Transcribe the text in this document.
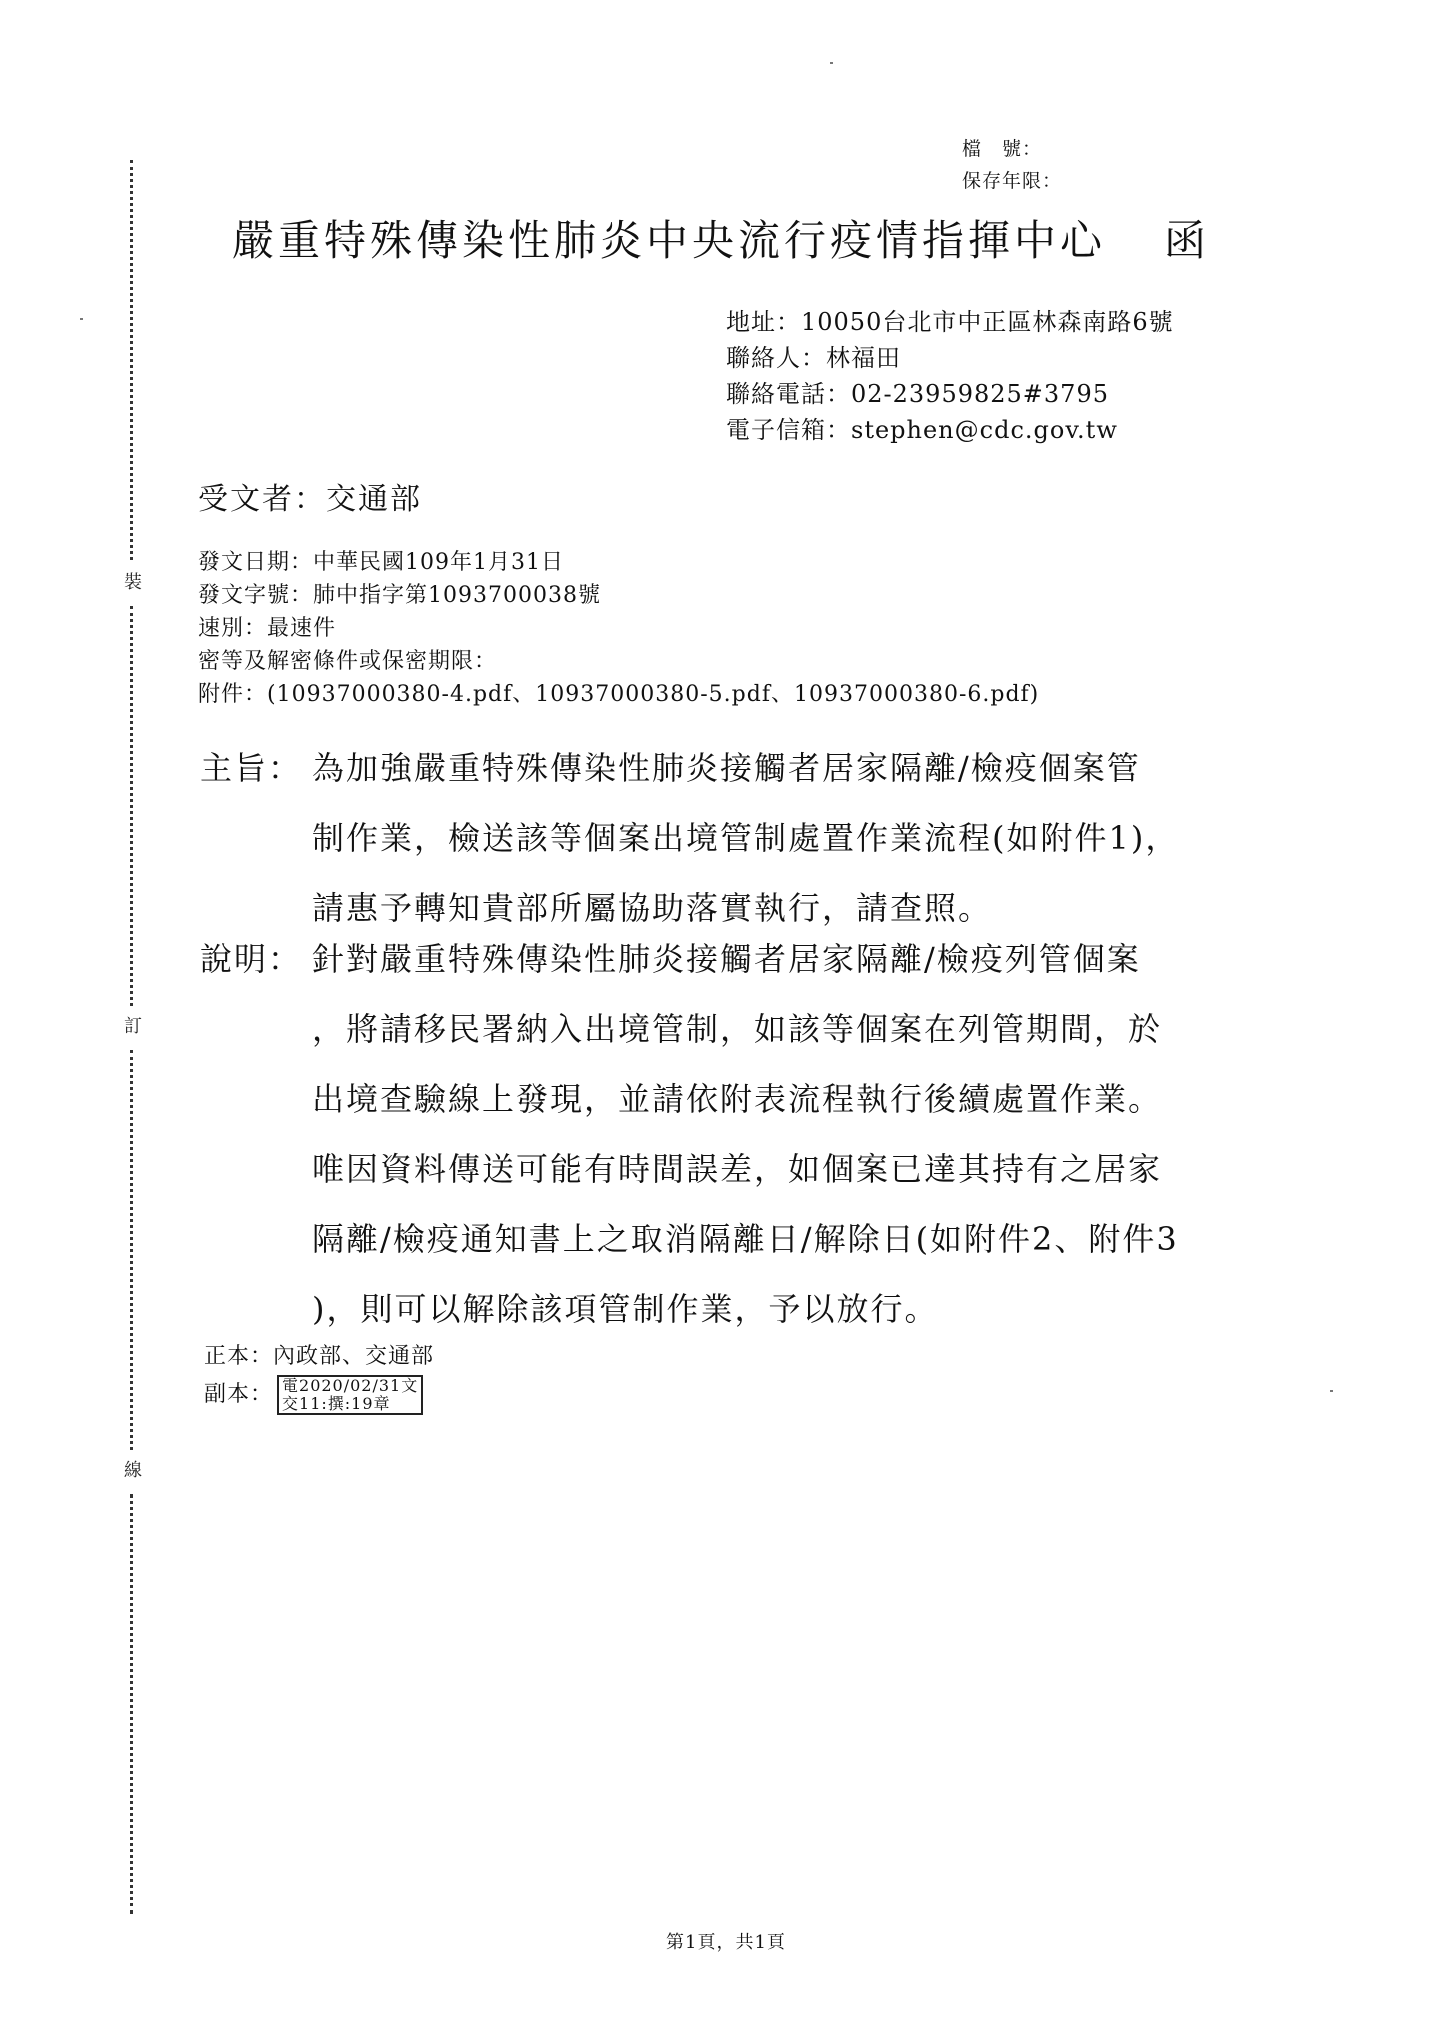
裝
訂
線
檔　號：
保存年限：
嚴重特殊傳染性肺炎中央流行疫情指揮中心 函
地址：10050台北市中正區林森南路6號
聯絡人：林福田
聯絡電話：02-23959825#3795
電子信箱：stephen@cdc.gov.tw
受文者：交通部
發文日期：中華民國109年1月31日
發文字號：肺中指字第1093700038號
速別：最速件
密等及解密條件或保密期限：
附件：(10937000380-4.pdf、10937000380-5.pdf、10937000380-6.pdf)
主旨： 為加強嚴重特殊傳染性肺炎接觸者居家隔離/檢疫個案管
制作業，檢送該等個案出境管制處置作業流程(如附件1)，
請惠予轉知貴部所屬協助落實執行，請查照。
說明： 針對嚴重特殊傳染性肺炎接觸者居家隔離/檢疫列管個案
，將請移民署納入出境管制，如該等個案在列管期間，於
出境查驗線上發現，並請依附表流程執行後續處置作業。
唯因資料傳送可能有時間誤差，如個案已達其持有之居家
隔離/檢疫通知書上之取消隔離日/解除日(如附件2、附件3
)，則可以解除該項管制作業，予以放行。
正本：內政部、交通部
副本： 電2020/02/31文
交11:撰:19章
第1頁，共1頁
